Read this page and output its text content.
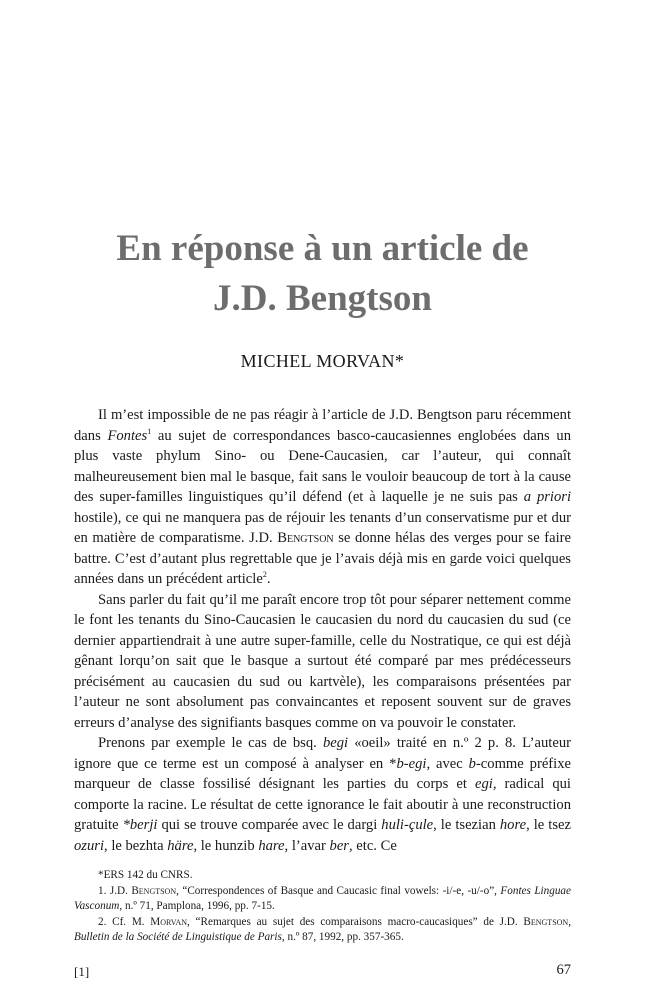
En réponse à un article de
J.D. Bengtson
MICHEL MORVAN*

Il m’est impossible de ne pas réagir à l’article de J.D. Bengtson paru récemment dans Fontes$^1$ au sujet de correspondances basco-caucasiennes englobées dans un plus vaste phylum Sino- ou Dene-Caucasien, car l’auteur, qui connaît malheureusement bien mal le basque, fait sans le vouloir beaucoup de tort à la cause des super-familles linguistiques qu’il défend (et à laquelle je ne suis pas a priori hostile), ce qui ne manquera pas de réjouir les tenants d’un conservatisme pur et dur en matière de comparatisme. J.D. Bengtson se donne hélas des verges pour se faire battre. C’est d’autant plus regrettable que je l’avais déjà mis en garde voici quelques années dans un précédent article$^2$.

Sans parler du fait qu’il me paraît encore trop tôt pour séparer nettement comme le font les tenants du Sino-Caucasien le caucasien du nord du caucasien du sud (ce dernier appartiendrait à une autre super-famille, celle du Nostratique, ce qui est déjà gênant lorqu’on sait que le basque a surtout été comparé par mes prédécesseurs précisément au caucasien du sud ou kartvèle), les comparaisons présentées par l’auteur ne sont absolument pas convaincantes et reposent souvent sur de graves erreurs d’analyse des signifiants basques comme on va pouvoir le constater.

Prenons par exemple le cas de bsq. begi «oeil» traité en n.º 2 p. 8. L’auteur ignore que ce terme est un composé à analyser en *b-egi, avec b-comme préfixe marqueur de classe fossilisé désignant les parties du corps et egi, radical qui comporte la racine. Le résultat de cette ignorance le fait aboutir à une reconstruction gratuite *berji qui se trouve comparée avec le dargi huli-çule, le tsezian hore, le tsez ozuri, le bezhta häre, le hunzib hare, l’avar ber, etc. Ce

*ERS 142 du CNRS.

1. J.D. Bengtson, “Correspondences of Basque and Caucasic final vowels: -i/-e, -u/-o”, Fontes Linguae Vasconum, n.º 71, Pamplona, 1996, pp. 7-15.

2. Cf. M. Morvan, “Remarques au sujet des comparaisons macro-caucasiques” de J.D. Bengtson, Bulletin de la Société de Linguistique de Paris, n.º 87, 1992, pp. 357-365.

[1]	67
